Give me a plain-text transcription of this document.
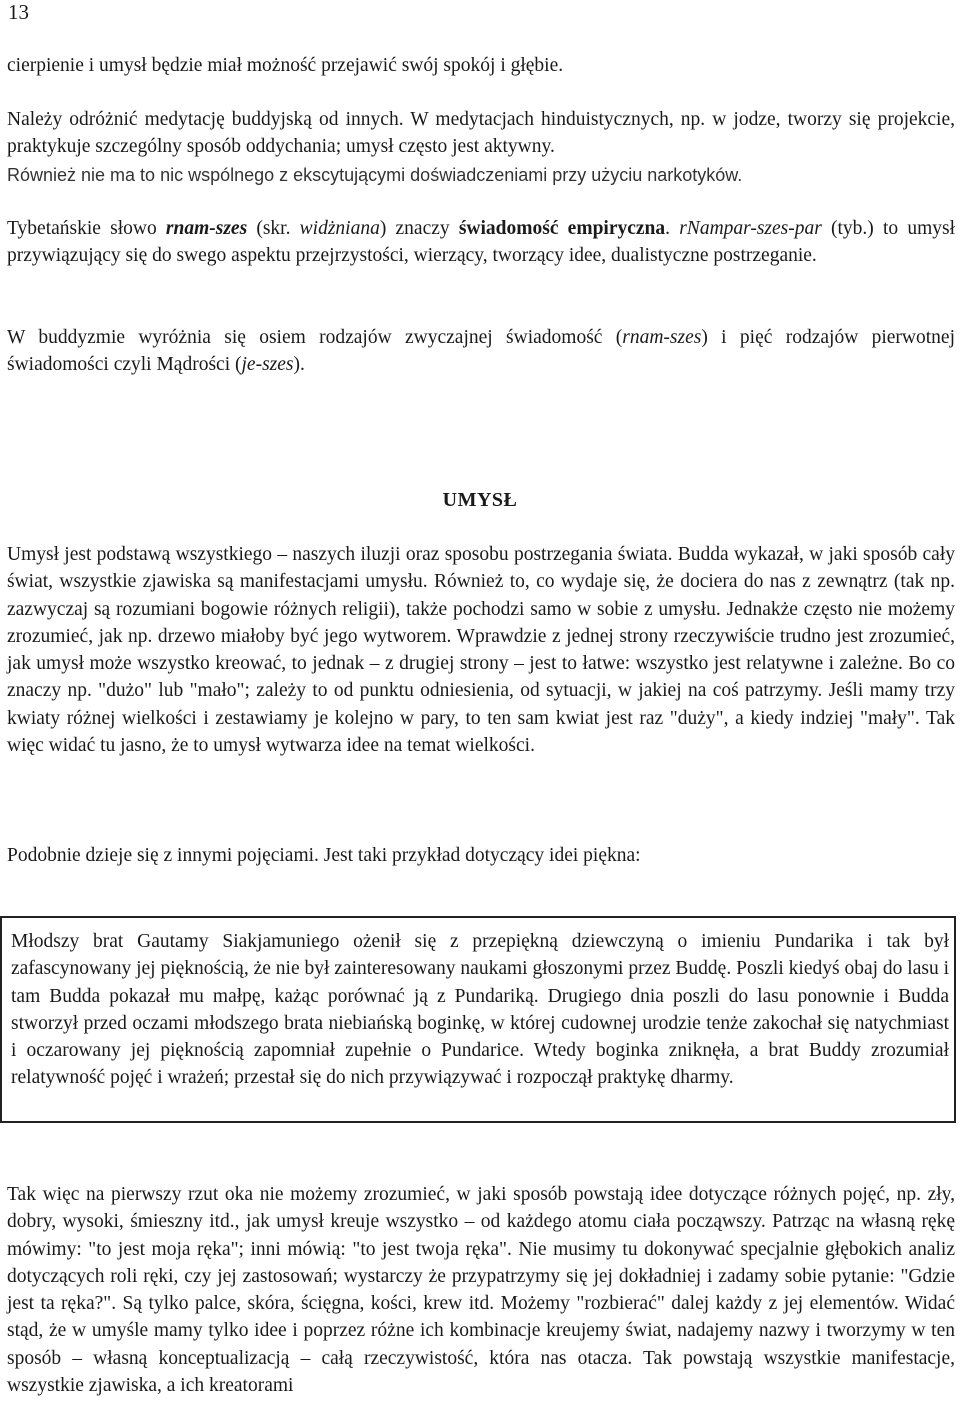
13

cierpienie i umysł będzie miał możność przejawić swój spokój i głębie.

Należy odróżnić medytację buddyjską od innych. W medytacjach hinduistycznych, np. w jodze, tworzy się projekcie, praktykuje szczególny sposób oddychania; umysł często jest aktywny.

Również nie ma to nic wspólnego z ekscytującymi doświadczeniami przy użyciu narkotyków.

Tybetańskie słowo rnam-szes (skr. widżniana) znaczy świadomość empiryczna. rNampar-szes-par (tyb.) to umysł przywiązujący się do swego aspektu przejrzystości, wierzący, tworzący idee, dualistyczne postrzeganie.

W buddyzmie wyróżnia się osiem rodzajów zwyczajnej świadomość (rnam-szes) i pięć rodzajów pierwotnej świadomości czyli Mądrości (je-szes).

UMYSŁ

Umysł jest podstawą wszystkiego – naszych iluzji oraz sposobu postrzegania świata. Budda wykazał, w jaki sposób cały świat, wszystkie zjawiska są manifestacjami umysłu. Również to, co wydaje się, że dociera do nas z zewnątrz (tak np. zazwyczaj są rozumiani bogowie różnych religii), także pochodzi samo w sobie z umysłu. Jednakże często nie możemy zrozumieć, jak np. drzewo miałoby być jego wytworem. Wprawdzie z jednej strony rzeczywiście trudno jest zrozumieć, jak umysł może wszystko kreować, to jednak – z drugiej strony – jest to łatwe: wszystko jest relatywne i zależne. Bo co znaczy np. "dużo" lub "mało"; zależy to od punktu odniesienia, od sytuacji, w jakiej na coś patrzymy. Jeśli mamy trzy kwiaty różnej wielkości i zestawiamy je kolejno w pary, to ten sam kwiat jest raz "duży", a kiedy indziej "mały". Tak więc widać tu jasno, że to umysł wytwarza idee na temat wielkości.

Podobnie dzieje się z innymi pojęciami. Jest taki przykład dotyczący idei piękna:

Młodszy brat Gautamy Siakjamuniego ożenił się z przepiękną dziewczyną o imieniu Pundarika i tak był zafascynowany jej pięknością, że nie był zainteresowany naukami głoszonymi przez Buddę. Poszli kiedyś obaj do lasu i tam Budda pokazał mu małpę, każąc porównać ją z Pundariką. Drugiego dnia poszli do lasu ponownie i Budda stworzył przed oczami młodszego brata niebiańską boginkę, w której cudownej urodzie tenże zakochał się natychmiast i oczarowany jej pięknością zapomniał zupełnie o Pundarice. Wtedy boginka zniknęła, a brat Buddy zrozumiał relatywność pojęć i wrażeń; przestał się do nich przywiązywać i rozpoczął praktykę dharmy.

Tak więc na pierwszy rzut oka nie możemy zrozumieć, w jaki sposób powstają idee dotyczące różnych pojęć, np. zły, dobry, wysoki, śmieszny itd., jak umysł kreuje wszystko – od każdego atomu ciała począwszy. Patrząc na własną rękę mówimy: "to jest moja ręka"; inni mówią: "to jest twoja ręka". Nie musimy tu dokonywać specjalnie głębokich analiz dotyczących roli ręki, czy jej zastosowań; wystarczy że przypatrzymy się jej dokładniej i zadamy sobie pytanie: "Gdzie jest ta ręka?". Są tylko palce, skóra, ścięgna, kości, krew itd. Możemy "rozbierać" dalej każdy z jej elementów. Widać stąd, że w umyśle mamy tylko idee i poprzez różne ich kombinacje kreujemy świat, nadajemy nazwy i tworzymy w ten sposób – własną konceptualizacją – całą rzeczywistość, która nas otacza. Tak powstają wszystkie manifestacje, wszystkie zjawiska, a ich kreatorami
